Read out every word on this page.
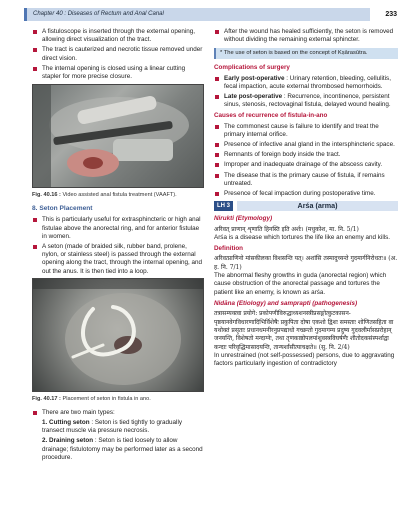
Chapter 40 : Diseases of Rectum and Anal Canal	233
A fistuloscope is inserted through the external opening, allowing direct visualization of the tract.
The tract is cauterized and necrotic tissue removed under direct vision.
The internal opening is closed using a linear cutting stapler for more precise closure.
Fig. 40.16 : Video assisted anal fistula treatment (VAAFT).
8. Seton Placement
This is particularly useful for extrasphincteric or high anal fistulae above the anorectal ring, and for anterior fistulae in women.
A seton (made of braided silk, rubber band, prolene, nylon, or stainless steel) is passed through the external opening along the tract, through the internal opening, and out the anus. It is then tied into a loop.
Fig. 40.17 : Placement of seton in fistula in ano.
There are two main types:
1. Cutting seton : Seton is tied tightly to gradually transect muscle via pressure necrosis.
2. Draining seton : Seton is tied loosely to allow drainage; fistulotomy may be performed later as a second procedure.
After the wound has healed sufficiently, the seton is removed without dividing the remaining external sphincter.
* The use of seton is based on the concept of Kṣārasūtra.
Complications of surgery
Early post-operative : Urinary retention, bleeding, cellulitis, fecal impaction, acute external thrombosed hemorrhoids.
Late post-operative : Recurrence, incontinence, persistent sinus, stenosis, rectovaginal fistula, delayed wound healing.
Causes of recurrence of fistula-in-ano
The commonest cause is failure to identify and treat the primary internal orifice.
Presence of infective anal gland in the intersphincteric space.
Remnants of foreign body inside the tract.
Improper and inadequate drainage of the abscess cavity.
The disease that is the primary cause of fistula, if remains untreated.
Presence of fecal impaction during postoperative time.
LH 3	Arśa (arma)
Nirukti (Etymology)
अरिवत् प्राणान् शृणाति हिनस्ति इति अर्शः। (मधुकोश, मा. नि. 5/1)
Arśa is a disease which tortures the life like an enemy and kills.
Definition
अरिवत्प्राणिनो मांसकीलका विशसन्ति यत्। अशांसि तस्मादुच्यन्ते गुदमार्गनिरोधतः॥ (अ. ह. नि. 7/1)
The abnormal fleshy growths in guda (anorectal region) which cause obstruction of the anorectal passage and tortures the patient like an enemy, is known as arśa.
Nidāna (Etiology) and samprapti (pathogenesis)
तत्रासम्यक्त्वा प्रयोगे: प्रकोपणीविरुद्धाध्यशनस्त्रीप्रसङ्गोत्कुटकासन-पृष्ठयानवेगविधारणादिभिर्विशेषैः प्रकुपिता दोषा एकशो द्विशः समस्ताः शोणितसहिता वा यथोक्तं प्रसृताः प्रधानधमनीरनुप्रपद्याधो गच्छन्तो गुदमागम्य प्रदुष्य गुदवलीर्मासप्ररोहान् जनयन्ति, विशेषतो मन्दाग्नेः, तथा तृणकाष्ठोपलपांशुवस्त्रविघर्षणैः शीतोदकसंस्पर्शाद्वा कन्दाः परिवृद्धिमासादयन्ति, तान्यर्शांसीत्याचक्षते॥ (सु. नि. 2/4)
In unrestrained (not self-possessed) persons, due to aggravating factors particularly ingestion of contradictory
